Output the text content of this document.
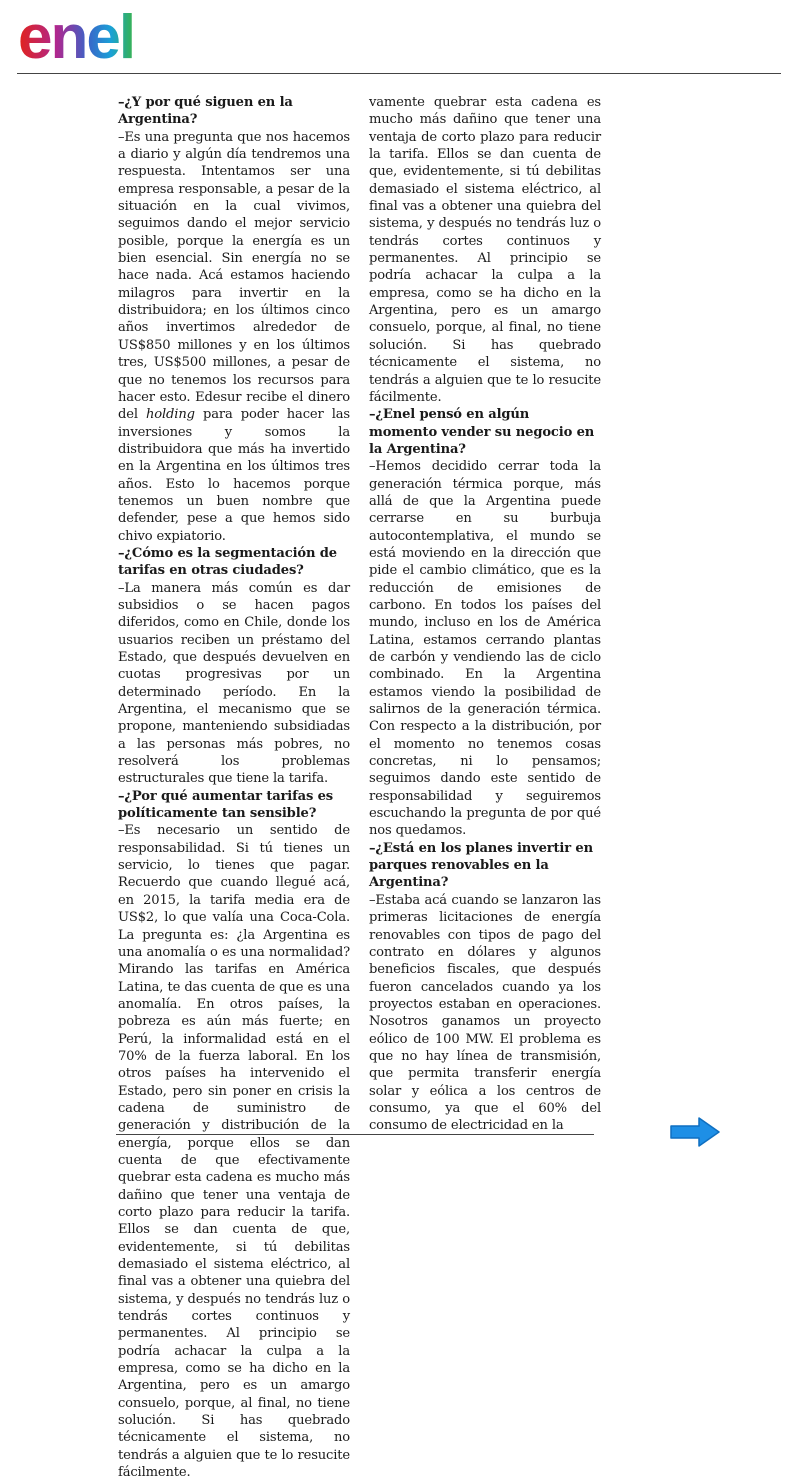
enel

–¿Y por qué siguen en la Argentina?

–Es una pregunta que nos hacemos a diario y algún día tendremos una respuesta. Intentamos ser una empresa responsable, a pesar de la situación en la cual vivimos, seguimos dando el mejor servicio posible, porque la energía es un bien esencial. Sin energía no se hace nada. Acá estamos haciendo milagros para invertir en la distribuidora; en los últimos cinco años invertimos alrededor de US$850 millones y en los últimos tres, US$500 millones, a pesar de que no tenemos los recursos para hacer esto. Edesur recibe el dinero del holding para poder hacer las inversiones y somos la distribuidora que más ha invertido en la Argentina en los últimos tres años. Esto lo hacemos porque tenemos un buen nombre que defender, pese a que hemos sido chivo expiatorio.

–¿Cómo es la segmentación de tarifas en otras ciudades?

–La manera más común es dar subsidios o se hacen pagos diferidos, como en Chile, donde los usuarios reciben un préstamo del Estado, que después devuelven en cuotas progresivas por un determinado período. En la Argentina, el mecanismo que se propone, manteniendo subsidiadas a las personas más pobres, no resolverá los problemas estructurales que tiene la tarifa.

–¿Por qué aumentar tarifas es políticamente tan sensible?

–Es necesario un sentido de responsabilidad. Si tú tienes un servicio, lo tienes que pagar. Recuerdo que cuando llegué acá, en 2015, la tarifa media era de US$2, lo que valía una Coca-Cola. La pregunta es: ¿la Argentina es una anomalía o es una normalidad? Mirando las tarifas en América Latina, te das cuenta de que es una anomalía. En otros países, la pobreza es aún más fuerte; en Perú, la informalidad está en el 70% de la fuerza laboral. En los otros países ha intervenido el Estado, pero sin poner en crisis la cadena de suministro de generación y distribución de la energía, porque ellos se dan cuenta de que efectivamente quebrar esta cadena es mucho más dañino que tener una ventaja de corto plazo para reducir la tarifa. Ellos se dan cuenta de que, evidentemente, si tú debilitas demasiado el sistema eléctrico, al final vas a obtener una quiebra del sistema, y después no tendrás luz o tendrás cortes continuos y permanentes. Al principio se podría achacar la culpa a la empresa, como se ha dicho en la Argentina, pero es un amargo consuelo, porque, al final, no tiene solución. Si has quebrado técnicamente el sistema, no tendrás a alguien que te lo resucite fácilmente.

vamente quebrar esta cadena es mucho más dañino que tener una ventaja de corto plazo para reducir la tarifa. Ellos se dan cuenta de que, evidentemente, si tú debilitas demasiado el sistema eléctrico, al final vas a obtener una quiebra del sistema, y después no tendrás luz o tendrás cortes continuos y permanentes. Al principio se podría achacar la culpa a la empresa, como se ha dicho en la Argentina, pero es un amargo consuelo, porque, al final, no tiene solución. Si has quebrado técnicamente el sistema, no tendrás a alguien que te lo resucite fácilmente.

–¿Enel pensó en algún momento vender su negocio en la Argentina?

–Hemos decidido cerrar toda la generación térmica porque, más allá de que la Argentina puede cerrarse en su burbuja autocontemplativa, el mundo se está moviendo en la dirección que pide el cambio climático, que es la reducción de emisiones de carbono. En todos los países del mundo, incluso en los de América Latina, estamos cerrando plantas de carbón y vendiendo las de ciclo combinado. En la Argentina estamos viendo la posibilidad de salirnos de la generación térmica. Con respecto a la distribución, por el momento no tenemos cosas concretas, ni lo pensamos; seguimos dando este sentido de responsabilidad y seguiremos escuchando la pregunta de por qué nos quedamos.

–¿Está en los planes invertir en parques renovables en la Argentina?

–Estaba acá cuando se lanzaron las primeras licitaciones de energía renovables con tipos de pago del contrato en dólares y algunos beneficios fiscales, que después fueron cancelados cuando ya los proyectos estaban en operaciones. Nosotros ganamos un proyecto eólico de 100 MW. El problema es que no hay línea de transmisión, que permita transferir energía solar y eólica a los centros de consumo, ya que el 60% del consumo de electricidad en la
